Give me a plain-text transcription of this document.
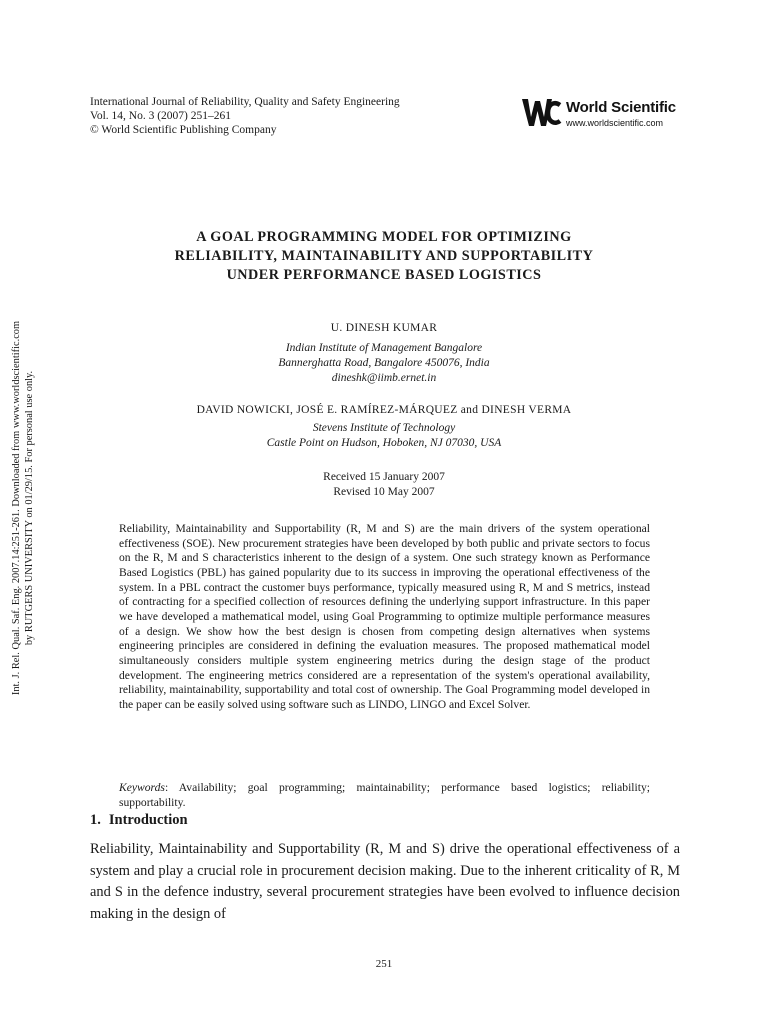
International Journal of Reliability, Quality and Safety Engineering
Vol. 14, No. 3 (2007) 251–261
© World Scientific Publishing Company
World Scientific
www.worldscientific.com
A GOAL PROGRAMMING MODEL FOR OPTIMIZING
RELIABILITY, MAINTAINABILITY AND SUPPORTABILITY
UNDER PERFORMANCE BASED LOGISTICS
U. DINESH KUMAR
Indian Institute of Management Bangalore
Bannerghatta Road, Bangalore 450076, India
dineshk@iimb.ernet.in
DAVID NOWICKI, JOSÉ E. RAMÍREZ-MÁRQUEZ and DINESH VERMA
Stevens Institute of Technology
Castle Point on Hudson, Hoboken, NJ 07030, USA
Received 15 January 2007
Revised 10 May 2007
Reliability, Maintainability and Supportability (R, M and S) are the main drivers of the system operational effectiveness (SOE). New procurement strategies have been developed by both public and private sectors to focus on the R, M and S characteristics inherent to the design of a system. One such strategy known as Performance Based Logistics (PBL) has gained popularity due to its success in improving the operational effectiveness of the system. In a PBL contract the customer buys performance, typically measured using R, M and S metrics, instead of contracting for a specified collection of resources defining the underlying support infrastructure. In this paper we have developed a mathematical model, using Goal Programming to optimize multiple performance measures of a design. We show how the best design is chosen from competing design alternatives when systems engineering principles are considered in defining the evaluation measures. The proposed mathematical model simultaneously considers multiple system engineering metrics during the design stage of the product development. The engineering metrics considered are a representation of the system's operational availability, reliability, maintainability, supportability and total cost of ownership. The Goal Programming model developed in the paper can be easily solved using software such as LINDO, LINGO and Excel Solver.
Keywords: Availability; goal programming; maintainability; performance based logistics; reliability; supportability.
1. Introduction
Reliability, Maintainability and Supportability (R, M and S) drive the operational effectiveness of a system and play a crucial role in procurement decision making. Due to the inherent criticality of R, M and S in the defence industry, several procurement strategies have been evolved to influence decision making in the design of
251
Int. J. Rel. Qual. Saf. Eng. 2007.14:251-261. Downloaded from www.worldscientific.com by RUTGERS UNIVERSITY on 01/29/15. For personal use only.
